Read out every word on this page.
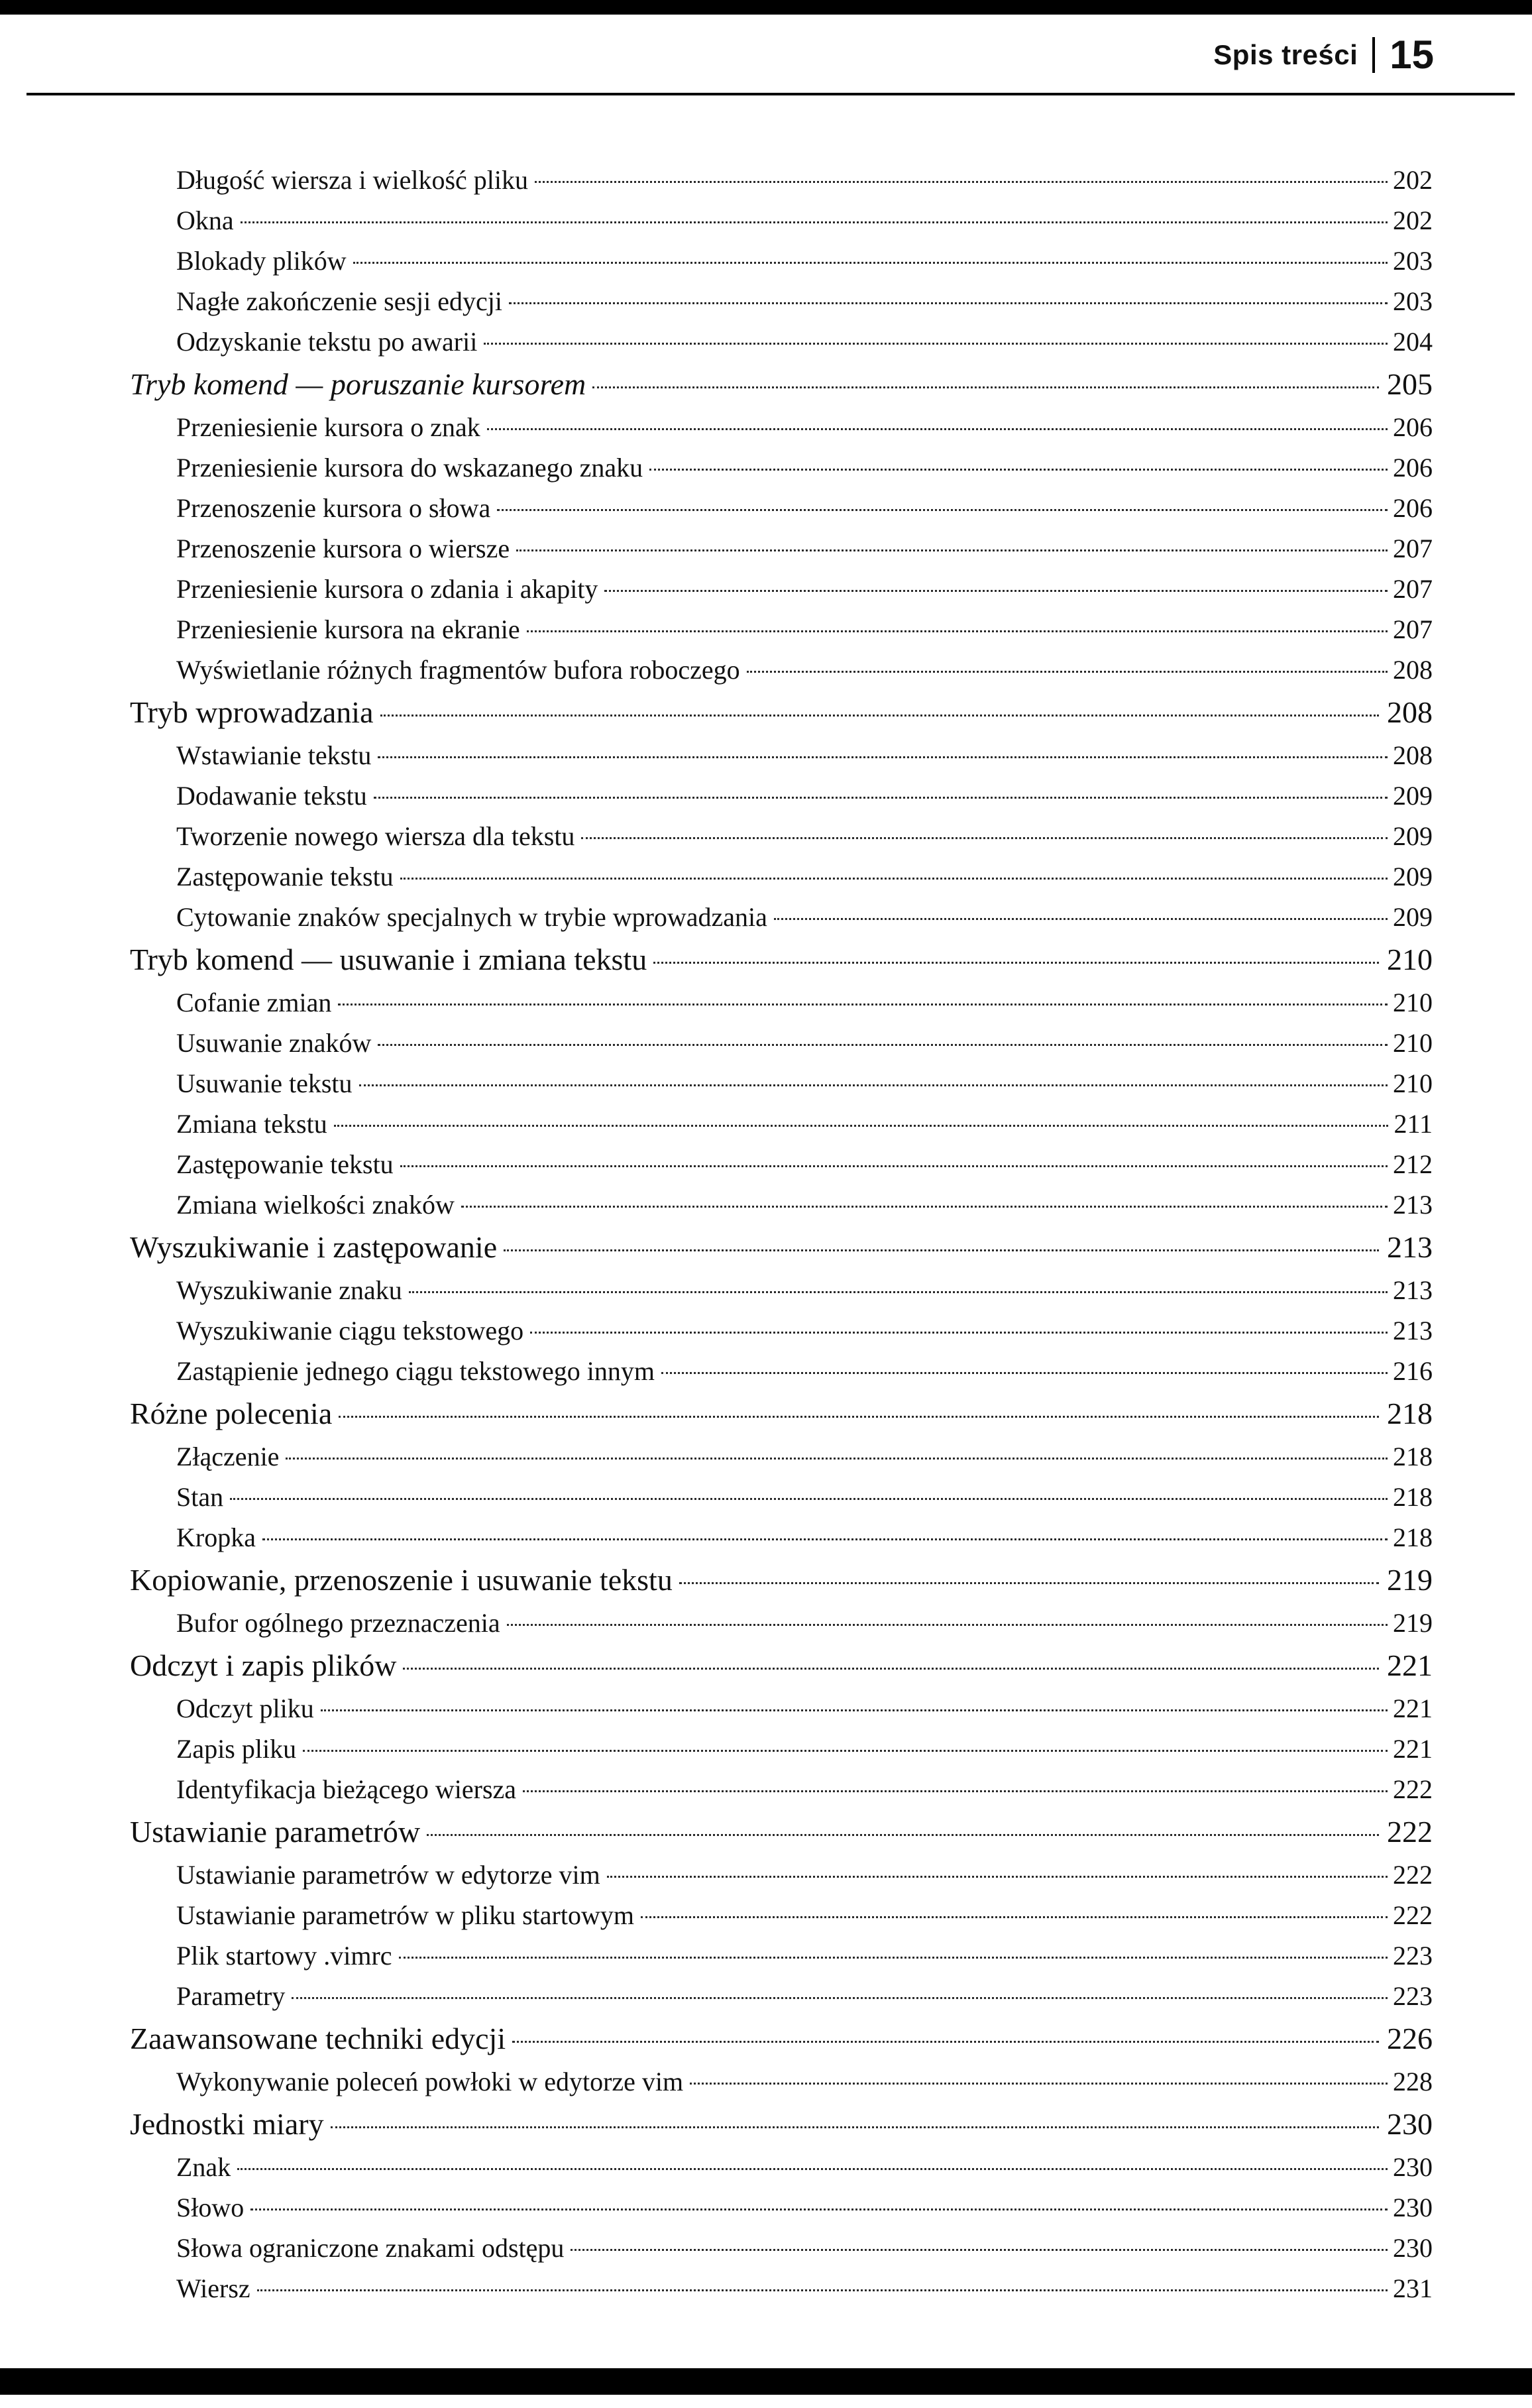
Spis treści 15
Długość wiersza i wielkość pliku	202
Okna	202
Blokady plików	203
Nagłe zakończenie sesji edycji	203
Odzyskanie tekstu po awarii	204
Tryb komend — poruszanie kursorem	205
Przeniesienie kursora o znak	206
Przeniesienie kursora do wskazanego znaku	206
Przenoszenie kursora o słowa	206
Przenoszenie kursora o wiersze	207
Przeniesienie kursora o zdania i akapity	207
Przeniesienie kursora na ekranie	207
Wyświetlanie różnych fragmentów bufora roboczego	208
Tryb wprowadzania	208
Wstawianie tekstu	208
Dodawanie tekstu	209
Tworzenie nowego wiersza dla tekstu	209
Zastępowanie tekstu	209
Cytowanie znaków specjalnych w trybie wprowadzania	209
Tryb komend — usuwanie i zmiana tekstu	210
Cofanie zmian	210
Usuwanie znaków	210
Usuwanie tekstu	210
Zmiana tekstu	211
Zastępowanie tekstu	212
Zmiana wielkości znaków	213
Wyszukiwanie i zastępowanie	213
Wyszukiwanie znaku	213
Wyszukiwanie ciągu tekstowego	213
Zastąpienie jednego ciągu tekstowego innym	216
Różne polecenia	218
Złączenie	218
Stan	218
Kropka	218
Kopiowanie, przenoszenie i usuwanie tekstu	219
Bufor ogólnego przeznaczenia	219
Odczyt i zapis plików	221
Odczyt pliku	221
Zapis pliku	221
Identyfikacja bieżącego wiersza	222
Ustawianie parametrów	222
Ustawianie parametrów w edytorze vim	222
Ustawianie parametrów w pliku startowym	222
Plik startowy .vimrc	223
Parametry	223
Zaawansowane techniki edycji	226
Wykonywanie poleceń powłoki w edytorze vim	228
Jednostki miary	230
Znak	230
Słowo	230
Słowa ograniczone znakami odstępu	230
Wiersz	231
